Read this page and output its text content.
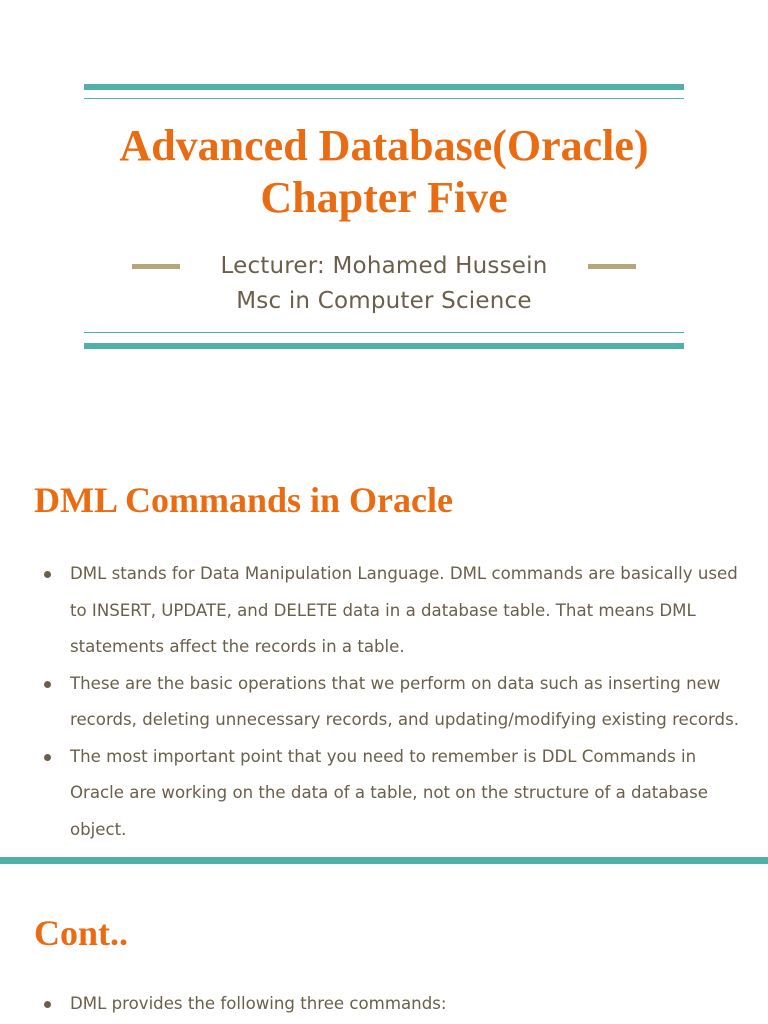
Advanced Database(Oracle)
Chapter Five
Lecturer: Mohamed Hussein
Msc in Computer Science
DML Commands in Oracle
DML stands for Data Manipulation Language. DML commands are basically used to INSERT, UPDATE, and DELETE data in a database table. That means DML statements affect the records in a table.
These are the basic operations that we perform on data such as inserting new records, deleting unnecessary records, and updating/modifying existing records.
The most important point that you need to remember is DDL Commands in Oracle are working on the data of a table, not on the structure of a database object.
Cont..
DML provides the following three commands:
